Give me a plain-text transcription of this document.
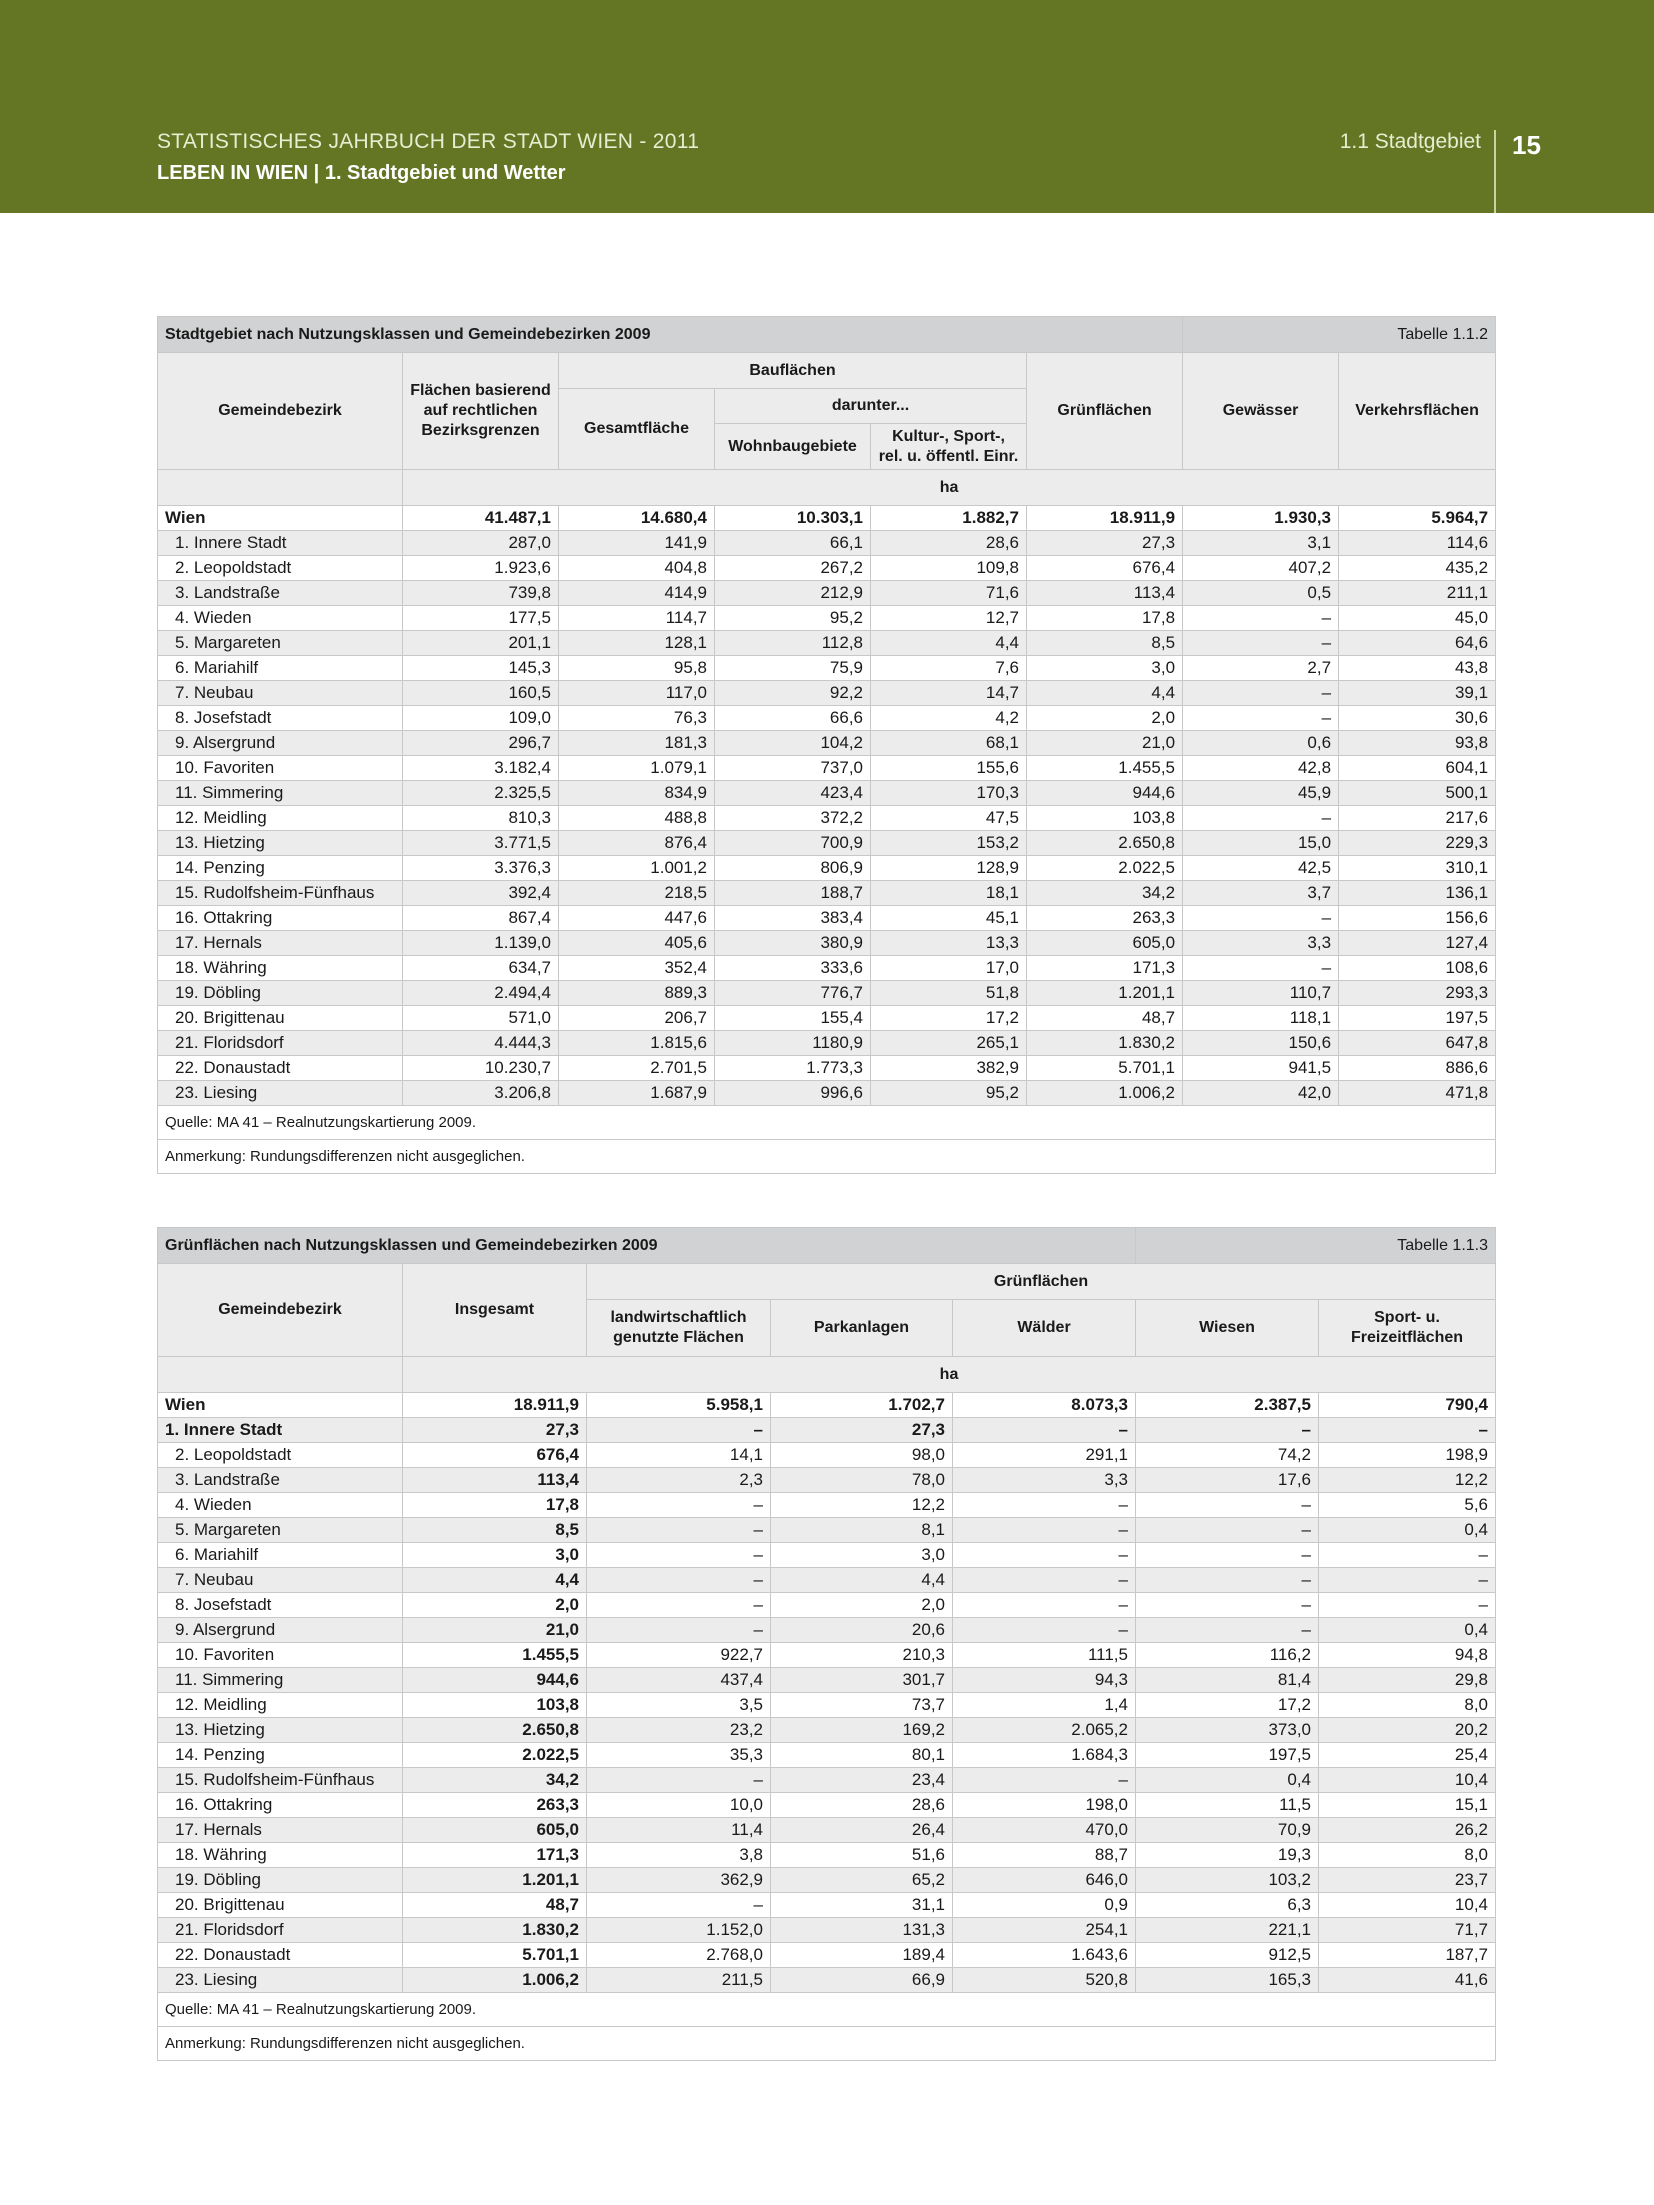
STATISTISCHES JAHRBUCH DER STADT WIEN - 2011
LEBEN IN WIEN | 1. Stadtgebiet und Wetter
1.1 Stadtgebiet 15
Stadtgebiet nach Nutzungsklassen und Gemeindebezirken 2009						Tabelle 1.1.2	
Gemeindebezirk	Flächen basierend auf rechtlichen Bezirksgrenzen	Bauflächen			Grünflächen	Gewässer	Verkehrsflächen
		Gesamtfläche	darunter...				
			Wohnbaugebiete	Kultur-, Sport-, rel. u. öffentl. Einr.			
	ha						
Wien	41.487,1	14.680,4	10.303,1	1.882,7	18.911,9	1.930,3	5.964,7
1. Innere Stadt	287,0	141,9	66,1	28,6	27,3	3,1	114,6
2. Leopoldstadt	1.923,6	404,8	267,2	109,8	676,4	407,2	435,2
3. Landstraße	739,8	414,9	212,9	71,6	113,4	0,5	211,1
4. Wieden	177,5	114,7	95,2	12,7	17,8	–	45,0
5. Margareten	201,1	128,1	112,8	4,4	8,5	–	64,6
6. Mariahilf	145,3	95,8	75,9	7,6	3,0	2,7	43,8
7. Neubau	160,5	117,0	92,2	14,7	4,4	–	39,1
8. Josefstadt	109,0	76,3	66,6	4,2	2,0	–	30,6
9. Alsergrund	296,7	181,3	104,2	68,1	21,0	0,6	93,8
10. Favoriten	3.182,4	1.079,1	737,0	155,6	1.455,5	42,8	604,1
11. Simmering	2.325,5	834,9	423,4	170,3	944,6	45,9	500,1
12. Meidling	810,3	488,8	372,2	47,5	103,8	–	217,6
13. Hietzing	3.771,5	876,4	700,9	153,2	2.650,8	15,0	229,3
14. Penzing	3.376,3	1.001,2	806,9	128,9	2.022,5	42,5	310,1
15. Rudolfsheim-Fünfhaus	392,4	218,5	188,7	18,1	34,2	3,7	136,1
16. Ottakring	867,4	447,6	383,4	45,1	263,3	–	156,6
17. Hernals	1.139,0	405,6	380,9	13,3	605,0	3,3	127,4
18. Währing	634,7	352,4	333,6	17,0	171,3	–	108,6
19. Döbling	2.494,4	889,3	776,7	51,8	1.201,1	110,7	293,3
20. Brigittenau	571,0	206,7	155,4	17,2	48,7	118,1	197,5
21. Floridsdorf	4.444,3	1.815,6	1180,9	265,1	1.830,2	150,6	647,8
22. Donaustadt	10.230,7	2.701,5	1.773,3	382,9	5.701,1	941,5	886,6
23. Liesing	3.206,8	1.687,9	996,6	95,2	1.006,2	42,0	471,8
Quelle: MA 41 – Realnutzungskartierung 2009.							
Anmerkung: Rundungsdifferenzen nicht ausgeglichen.							
Grünflächen nach Nutzungsklassen und Gemeindebezirken 2009					Tabelle 1.1.3	
Gemeindebezirk	Insgesamt	Grünflächen				
		landwirtschaftlich genutzte Flächen	Parkanlagen	Wälder	Wiesen	Sport- u. Freizeitflächen
	ha					
Wien	18.911,9	5.958,1	1.702,7	8.073,3	2.387,5	790,4
1. Innere Stadt	27,3	–	27,3	–	–	–
2. Leopoldstadt	676,4	14,1	98,0	291,1	74,2	198,9
3. Landstraße	113,4	2,3	78,0	3,3	17,6	12,2
4. Wieden	17,8	–	12,2	–	–	5,6
5. Margareten	8,5	–	8,1	–	–	0,4
6. Mariahilf	3,0	–	3,0	–	–	–
7. Neubau	4,4	–	4,4	–	–	–
8. Josefstadt	2,0	–	2,0	–	–	–
9. Alsergrund	21,0	–	20,6	–	–	0,4
10. Favoriten	1.455,5	922,7	210,3	111,5	116,2	94,8
11. Simmering	944,6	437,4	301,7	94,3	81,4	29,8
12. Meidling	103,8	3,5	73,7	1,4	17,2	8,0
13. Hietzing	2.650,8	23,2	169,2	2.065,2	373,0	20,2
14. Penzing	2.022,5	35,3	80,1	1.684,3	197,5	25,4
15. Rudolfsheim-Fünfhaus	34,2	–	23,4	–	0,4	10,4
16. Ottakring	263,3	10,0	28,6	198,0	11,5	15,1
17. Hernals	605,0	11,4	26,4	470,0	70,9	26,2
18. Währing	171,3	3,8	51,6	88,7	19,3	8,0
19. Döbling	1.201,1	362,9	65,2	646,0	103,2	23,7
20. Brigittenau	48,7	–	31,1	0,9	6,3	10,4
21. Floridsdorf	1.830,2	1.152,0	131,3	254,1	221,1	71,7
22. Donaustadt	5.701,1	2.768,0	189,4	1.643,6	912,5	187,7
23. Liesing	1.006,2	211,5	66,9	520,8	165,3	41,6
Quelle: MA 41 – Realnutzungskartierung 2009.						
Anmerkung: Rundungsdifferenzen nicht ausgeglichen.						
